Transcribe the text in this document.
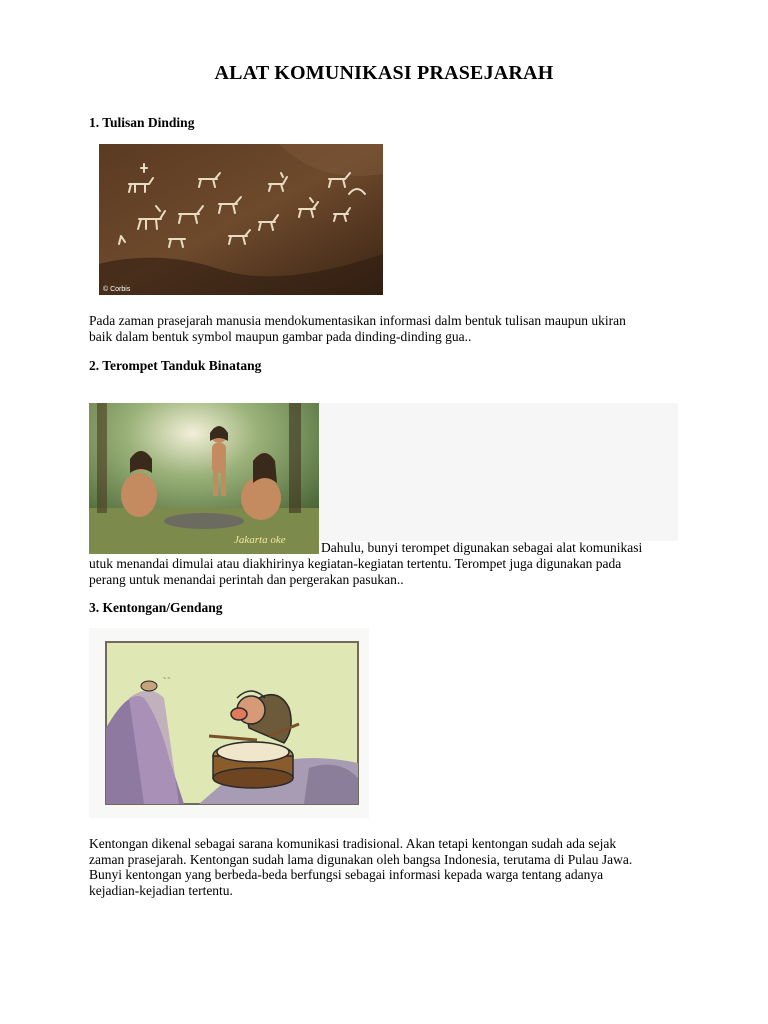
ALAT KOMUNIKASI PRASEJARAH
1. Tulisan Dinding
© Corbis
Pada zaman prasejarah manusia mendokumentasikan informasi dalm bentuk tulisan maupun ukiran
baik dalam bentuk symbol maupun gambar pada dinding-dinding gua..
2. Terompet Tanduk Binatang
Jakarta oke	Dahulu, bunyi terompet digunakan sebagai alat komunikasi
utuk menandai dimulai atau diakhirinya kegiatan-kegiatan tertentu. Terompet juga digunakan pada
perang untuk menandai perintah dan pergerakan pasukan..
3. Kentongan/Gendang
~ ~
Kentongan dikenal sebagai sarana komunikasi tradisional. Akan tetapi kentongan sudah ada sejak
zaman prasejarah. Kentongan sudah lama digunakan oleh bangsa Indonesia, terutama di Pulau Jawa.
Bunyi kentongan yang berbeda-beda berfungsi sebagai informasi kepada warga tentang adanya
kejadian-kejadian tertentu.
